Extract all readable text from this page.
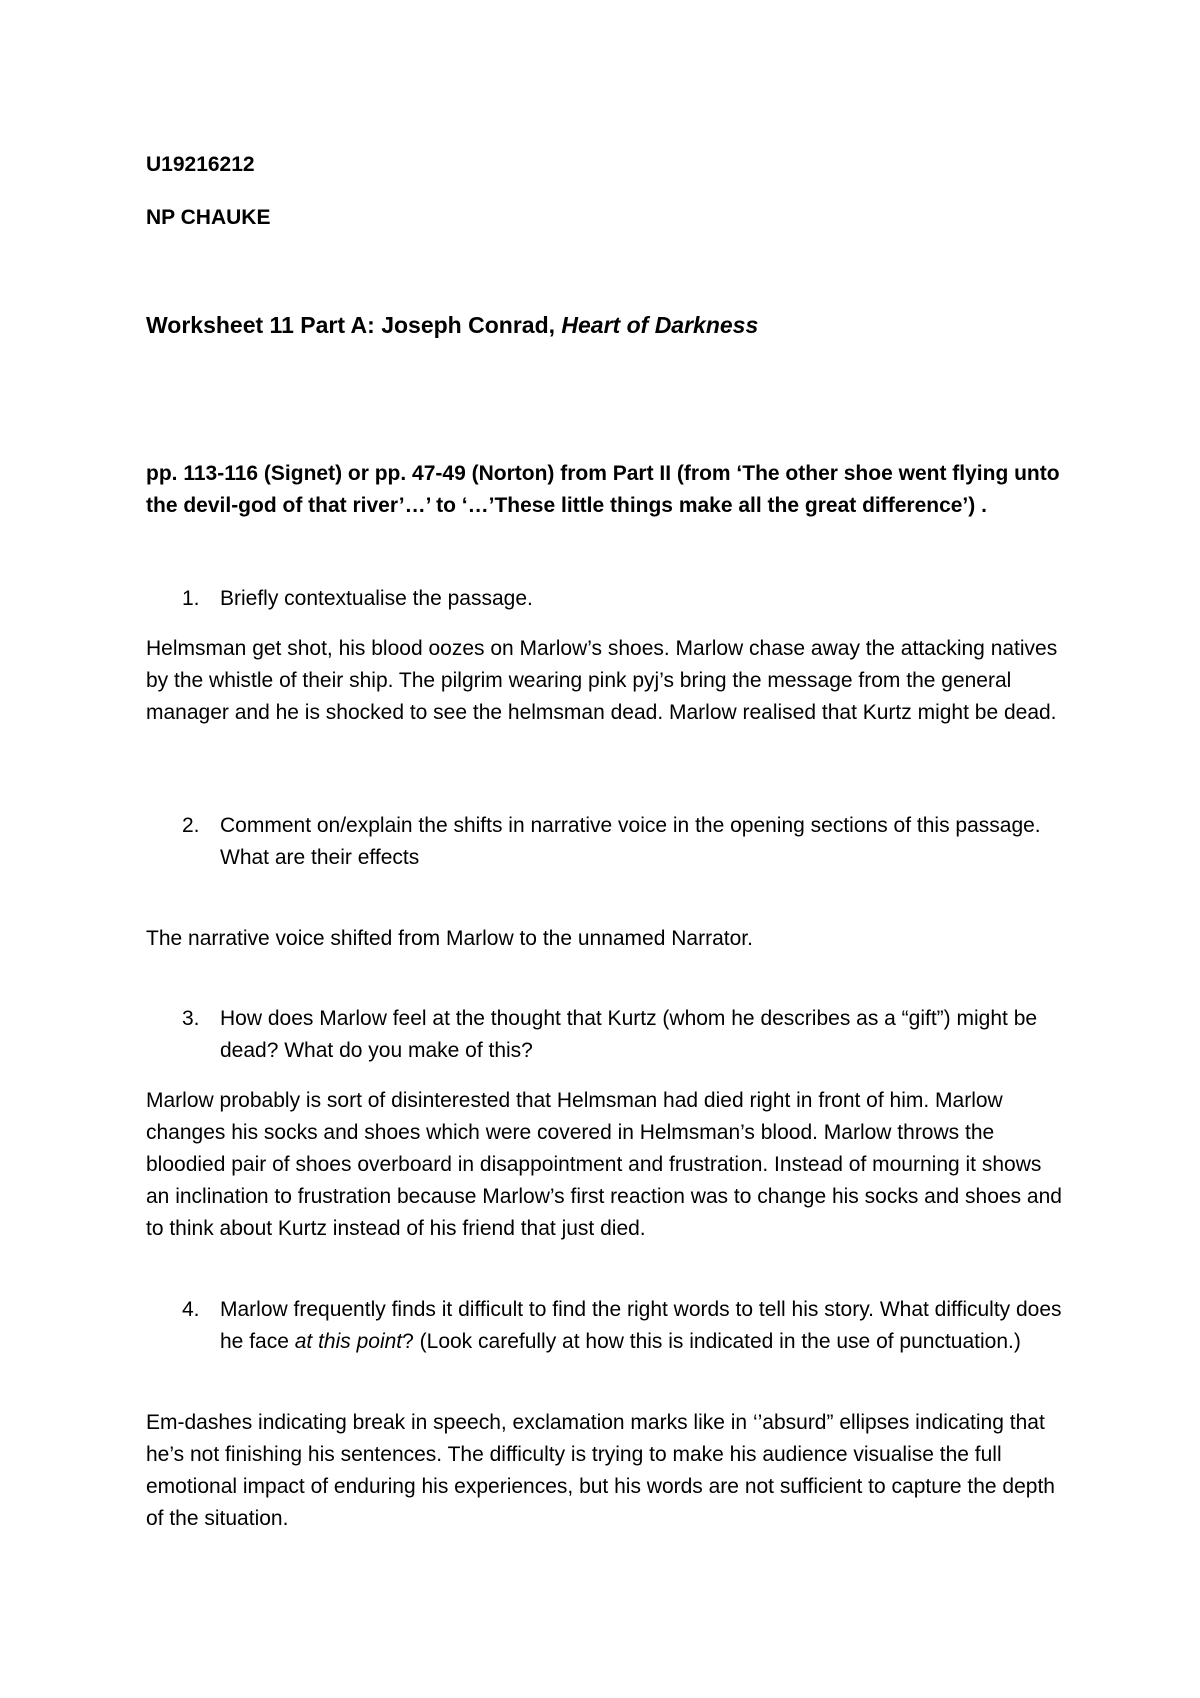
U19216212

NP CHAUKE

Worksheet 11 Part A: Joseph Conrad, Heart of Darkness

pp. 113-116 (Signet) or pp. 47-49 (Norton) from Part II (from ‘The other shoe went flying unto the devil-god of that river’…’ to ‘…’These little things make all the great difference’) .

1. Briefly contextualise the passage.

Helmsman get shot, his blood oozes on Marlow’s shoes. Marlow chase away the attacking natives by the whistle of their ship. The pilgrim wearing pink pyj’s bring the message from the general manager and he is shocked to see the helmsman dead. Marlow realised that Kurtz might be dead.

2. Comment on/explain the shifts in narrative voice in the opening sections of this passage. What are their effects

The narrative voice shifted from Marlow to the unnamed Narrator.

3. How does Marlow feel at the thought that Kurtz (whom he describes as a “gift”) might be dead? What do you make of this?

Marlow probably is sort of disinterested that Helmsman had died right in front of him. Marlow changes his socks and shoes which were covered in Helmsman’s blood. Marlow throws the bloodied pair of shoes overboard in disappointment and frustration. Instead of mourning it shows an inclination to frustration because Marlow’s first reaction was to change his socks and shoes and to think about Kurtz instead of his friend that just died.

4. Marlow frequently finds it difficult to find the right words to tell his story. What difficulty does he face at this point? (Look carefully at how this is indicated in the use of punctuation.)

Em-dashes indicating break in speech, exclamation marks like in ‘’absurd” ellipses indicating that he’s not finishing his sentences. The difficulty is trying to make his audience visualise the full emotional impact of enduring his experiences, but his words are not sufficient to capture the depth of the situation.
